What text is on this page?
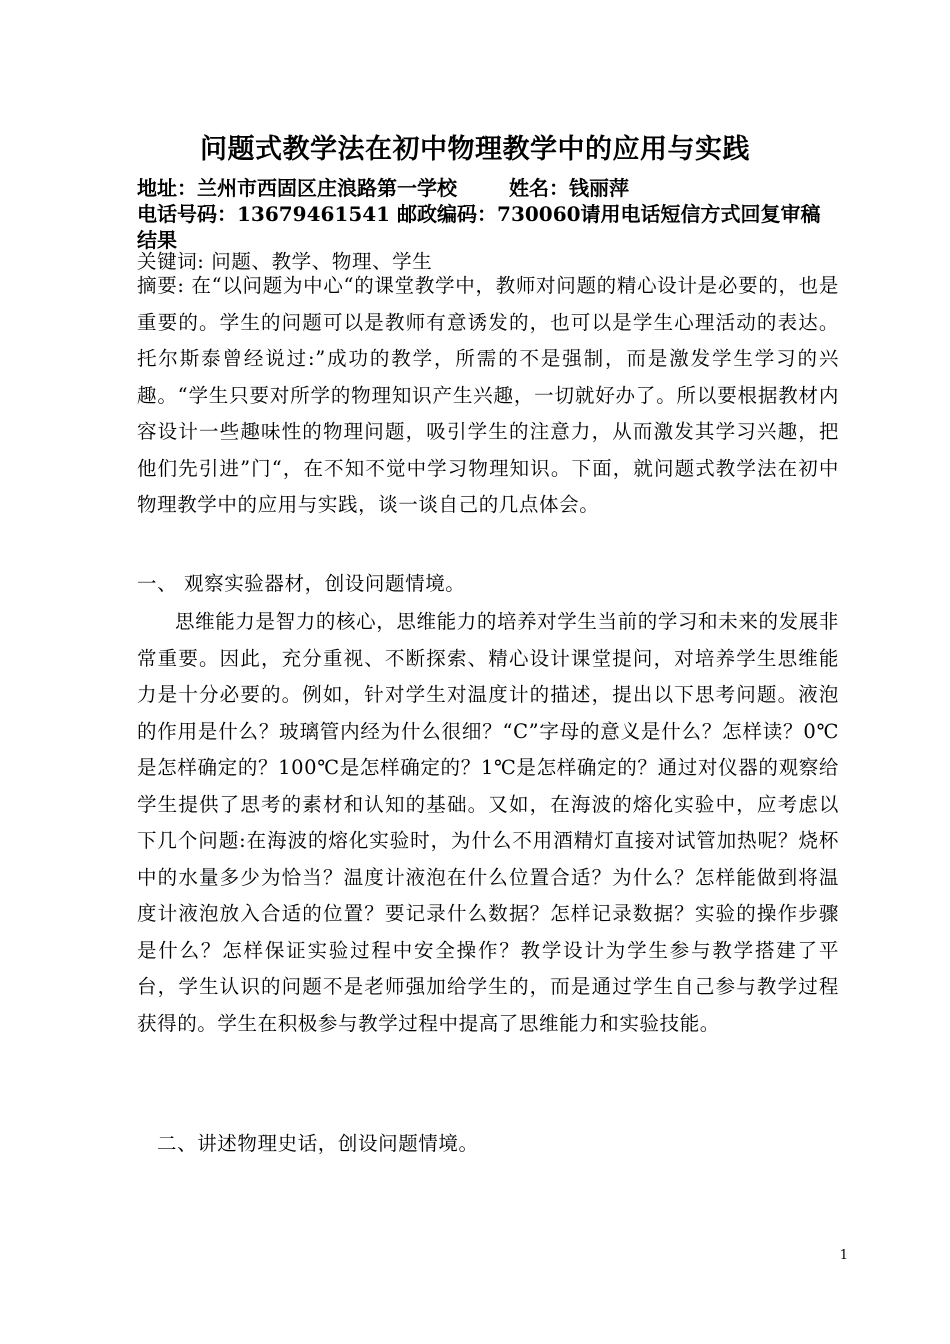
问题式教学法在初中物理教学中的应用与实践
地址：兰州市西固区庄浪路第一学校	姓名：钱丽萍
电话号码：13679461541 邮政编码：730060请用电话短信方式回复审稿结果
关键词: 问题、教学、物理、学生
摘要: 在“以问题为中心“的课堂教学中，教师对问题的精心设计是必要的，也是重要的。学生的问题可以是教师有意诱发的，也可以是学生心理活动的表达。托尔斯泰曾经说过:”成功的教学，所需的不是强制，而是激发学生学习的兴趣。“学生只要对所学的物理知识产生兴趣，一切就好办了。所以要根据教材内容设计一些趣味性的物理问题，吸引学生的注意力，从而激发其学习兴趣，把他们先引进”门“，在不知不觉中学习物理知识。下面，就问题式教学法在初中物理教学中的应用与实践，谈一谈自己的几点体会。
一、 观察实验器材，创设问题情境。
思维能力是智力的核心，思维能力的培养对学生当前的学习和未来的发展非常重要。因此，充分重视、不断探索、精心设计课堂提问，对培养学生思维能力是十分必要的。例如，针对学生对温度计的描述，提出以下思考问题。液泡的作用是什么？玻璃管内经为什么很细？“C”字母的意义是什么？怎样读？0℃是怎样确定的？100℃是怎样确定的？1℃是怎样确定的？通过对仪器的观察给学生提供了思考的素材和认知的基础。又如，在海波的熔化实验中，应考虑以下几个问题:在海波的熔化实验时，为什么不用酒精灯直接对试管加热呢？烧杯中的水量多少为恰当？温度计液泡在什么位置合适？为什么？怎样能做到将温度计液泡放入合适的位置？要记录什么数据？怎样记录数据？实验的操作步骤是什么？怎样保证实验过程中安全操作？教学设计为学生参与教学搭建了平台，学生认识的问题不是老师强加给学生的，而是通过学生自己参与教学过程获得的。学生在积极参与教学过程中提高了思维能力和实验技能。
二、讲述物理史话，创设问题情境。
1
